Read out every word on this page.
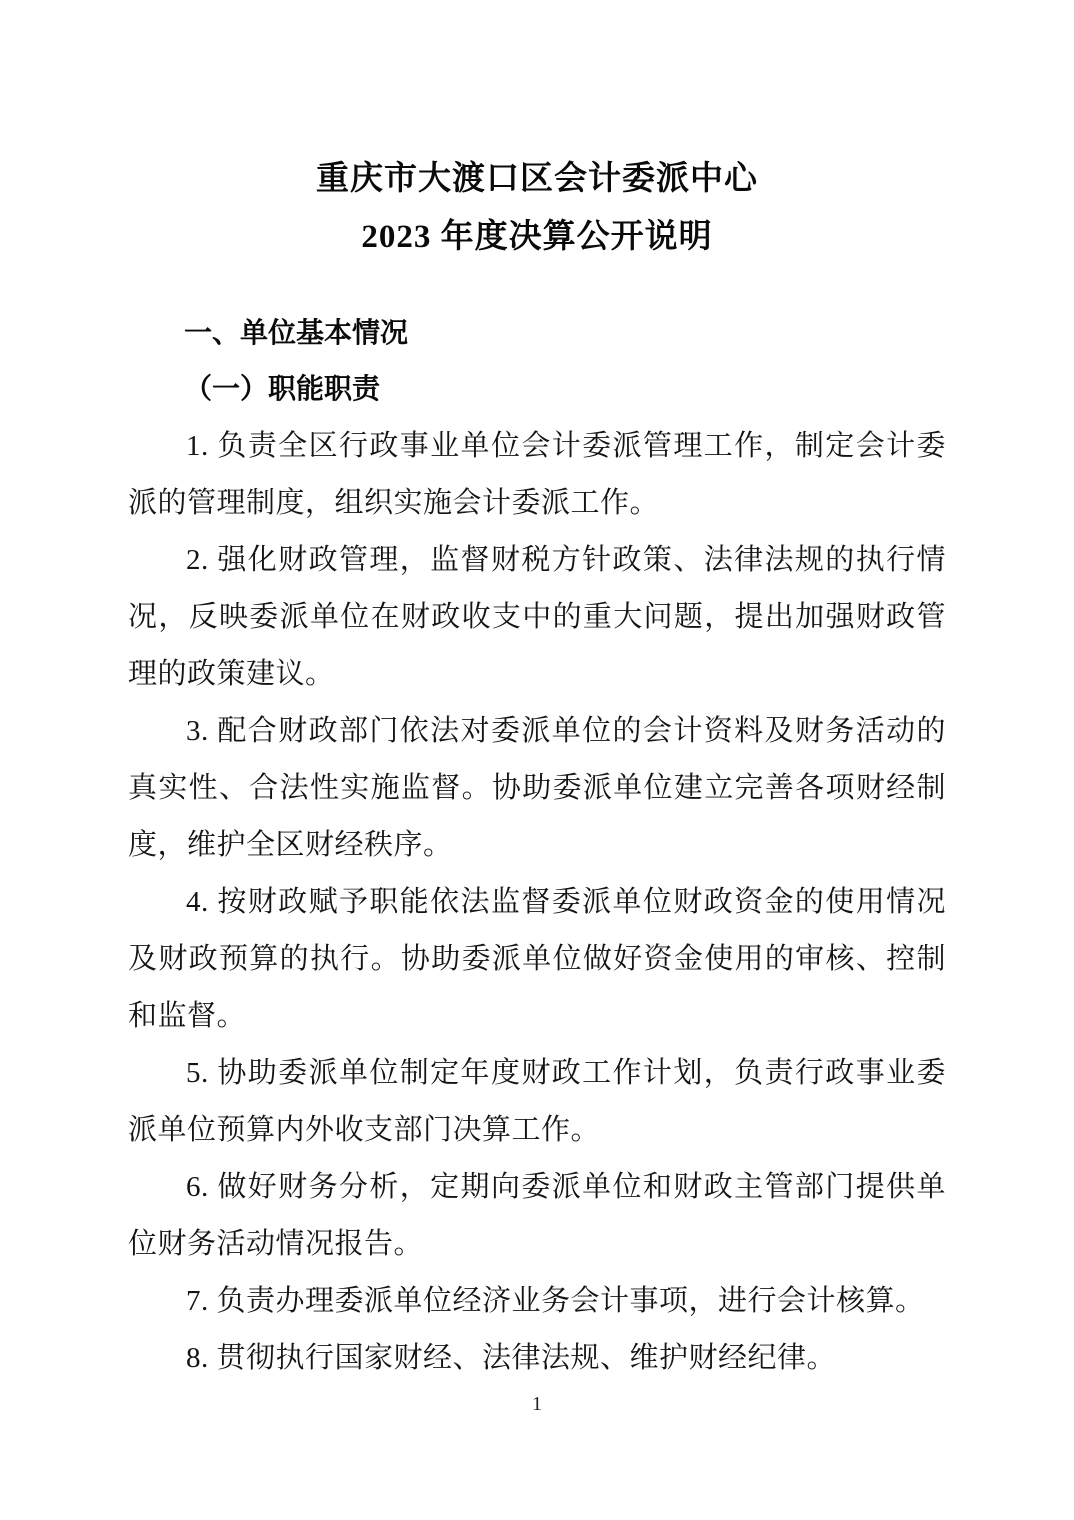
重庆市大渡口区会计委派中心
2023 年度决算公开说明
一、单位基本情况
（一）职能职责

1. 负责全区行政事业单位会计委派管理工作，制定会计委派的管理制度，组织实施会计委派工作。

2. 强化财政管理，监督财税方针政策、法律法规的执行情况，反映委派单位在财政收支中的重大问题，提出加强财政管理的政策建议。

3. 配合财政部门依法对委派单位的会计资料及财务活动的真实性、合法性实施监督。协助委派单位建立完善各项财经制度，维护全区财经秩序。

4. 按财政赋予职能依法监督委派单位财政资金的使用情况及财政预算的执行。协助委派单位做好资金使用的审核、控制和监督。

5. 协助委派单位制定年度财政工作计划，负责行政事业委派单位预算内外收支部门决算工作。

6. 做好财务分析，定期向委派单位和财政主管部门提供单位财务活动情况报告。

7. 负责办理委派单位经济业务会计事项，进行会计核算。

8. 贯彻执行国家财经、法律法规、维护财经纪律。

1
